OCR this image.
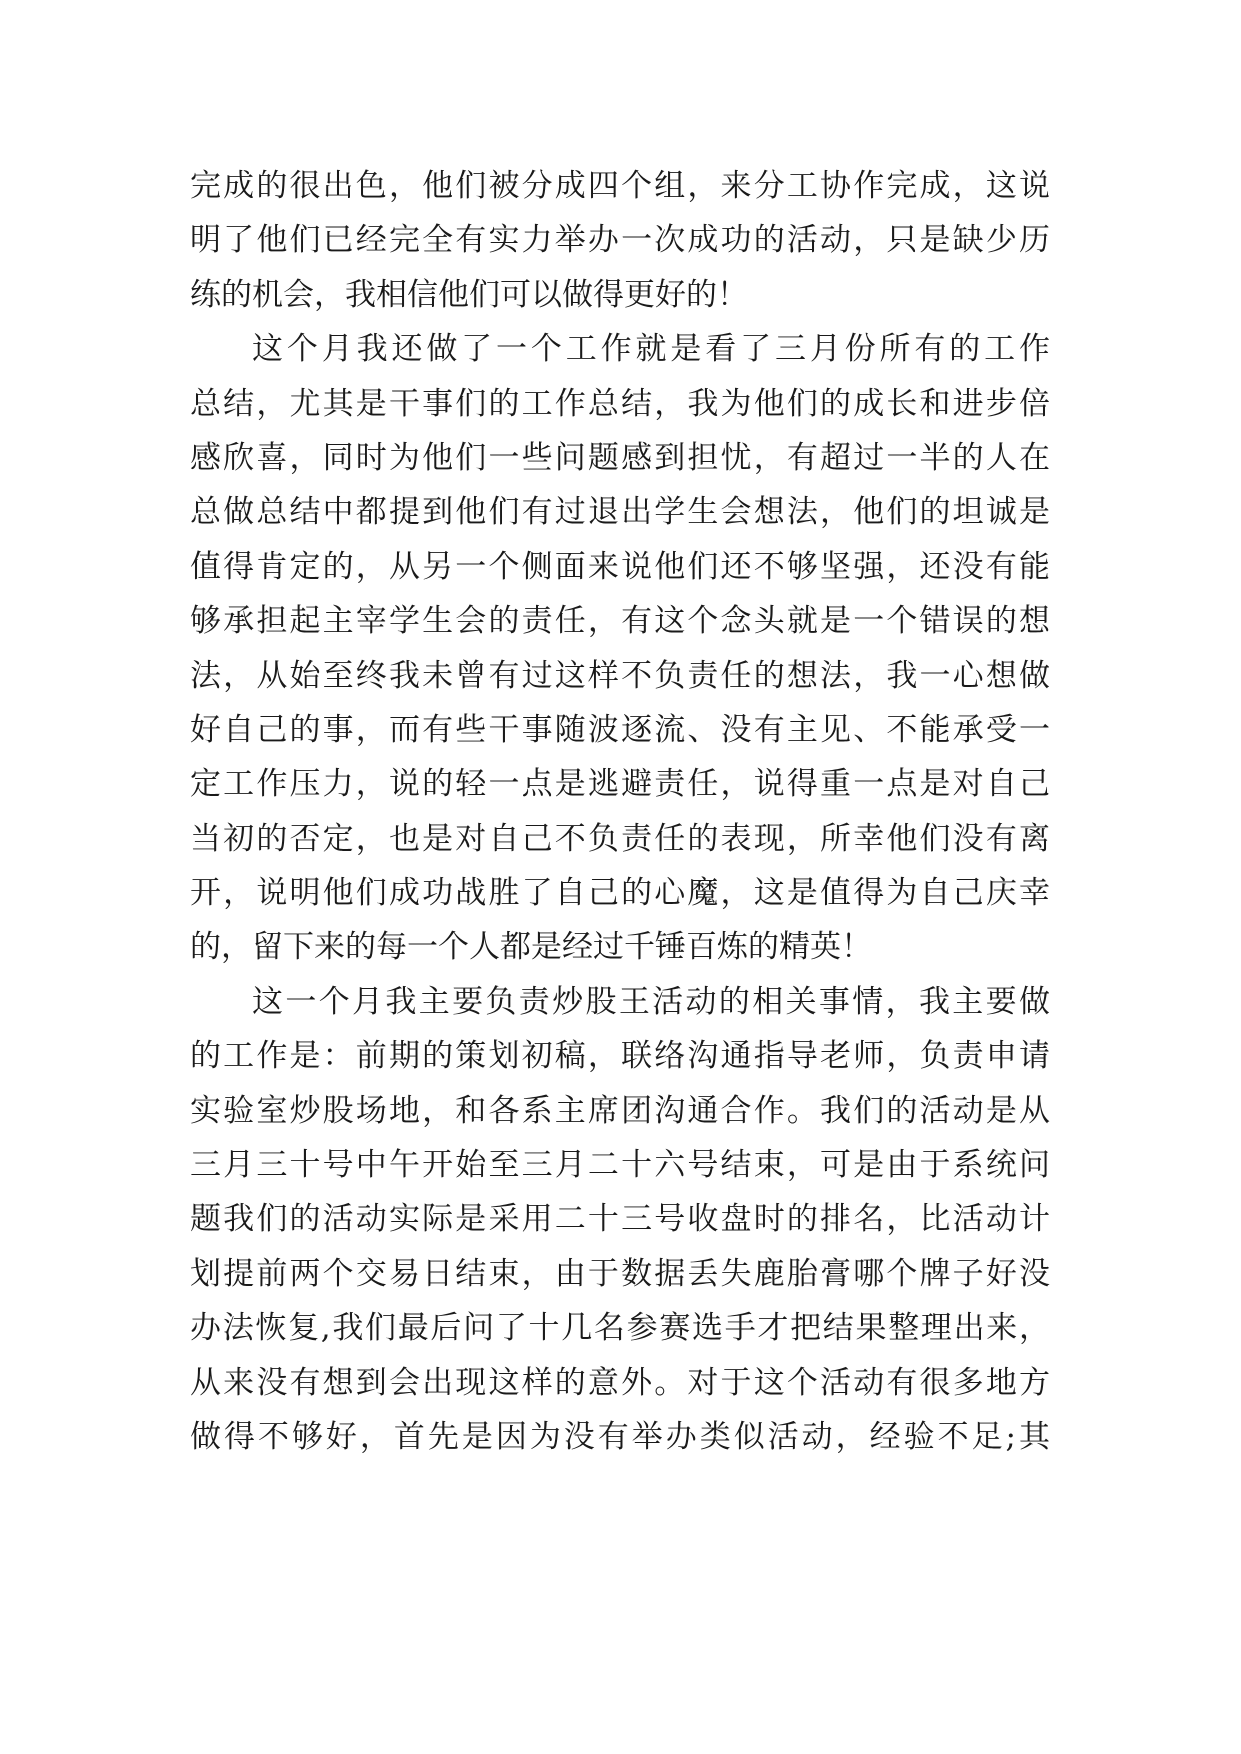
完成的很出色，他们被分成四个组，来分工协作完成，这说
明了他们已经完全有实力举办一次成功的活动，只是缺少历
练的机会，我相信他们可以做得更好的！
这个月我还做了一个工作就是看了三月份所有的工作
总结，尤其是干事们的工作总结，我为他们的成长和进步倍
感欣喜，同时为他们一些问题感到担忧，有超过一半的人在
总做总结中都提到他们有过退出学生会想法，他们的坦诚是
值得肯定的，从另一个侧面来说他们还不够坚强，还没有能
够承担起主宰学生会的责任，有这个念头就是一个错误的想
法，从始至终我未曾有过这样不负责任的想法，我一心想做
好自己的事，而有些干事随波逐流、没有主见、不能承受一
定工作压力，说的轻一点是逃避责任，说得重一点是对自己
当初的否定，也是对自己不负责任的表现，所幸他们没有离
开，说明他们成功战胜了自己的心魔，这是值得为自己庆幸
的，留下来的每一个人都是经过千锤百炼的精英！
这一个月我主要负责炒股王活动的相关事情，我主要做
的工作是：前期的策划初稿，联络沟通指导老师，负责申请
实验室炒股场地，和各系主席团沟通合作。我们的活动是从
三月三十号中午开始至三月二十六号结束，可是由于系统问
题我们的活动实际是采用二十三号收盘时的排名，比活动计
划提前两个交易日结束，由于数据丢失鹿胎膏哪个牌子好没
办法恢复,我们最后问了十几名参赛选手才把结果整理出来，
从来没有想到会出现这样的意外。对于这个活动有很多地方
做得不够好，首先是因为没有举办类似活动，经验不足;其
